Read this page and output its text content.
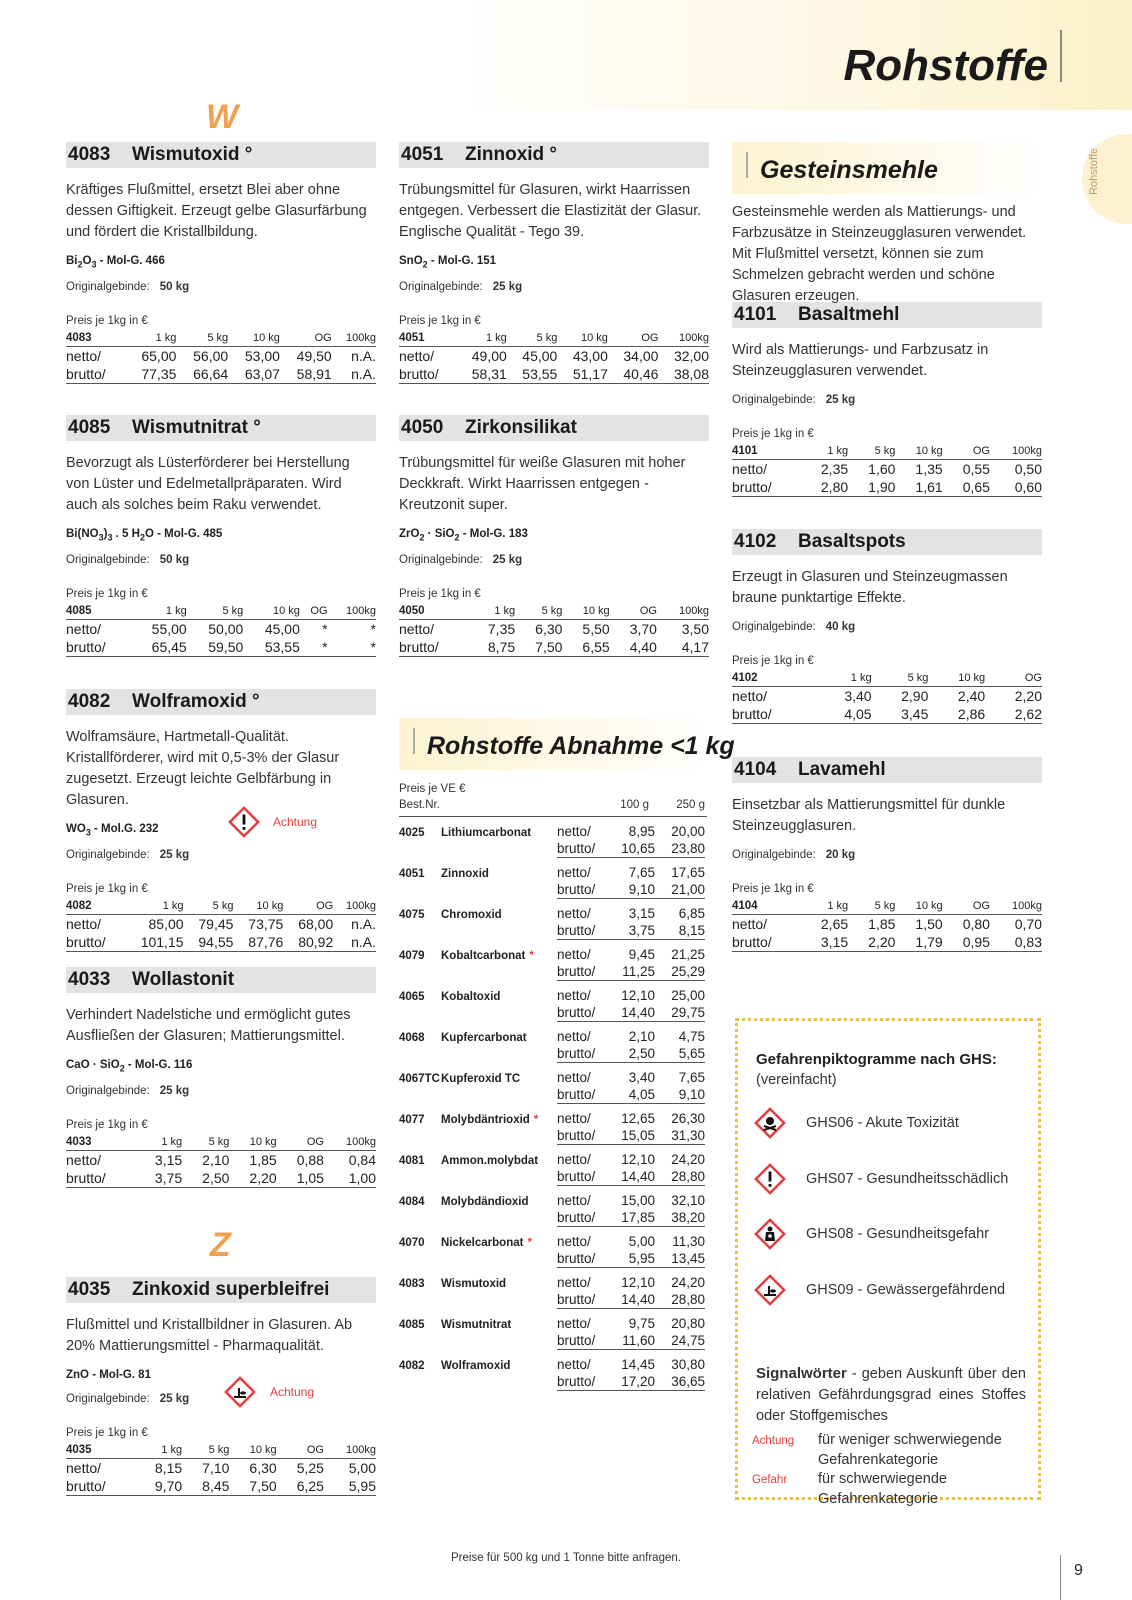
Rohstoffe
Rohstoffe
W
Z
4083 Wismutoxid °
Kräftiges Flußmittel, ersetzt Blei aber ohne dessen Giftigkeit. Erzeugt gelbe Glasurfärbung und fördert die Kristallbildung.
$Bi_2O_3 - Mol-G$. 466
Originalgebinde: 50 kg
Preis je 1kg in €
4083	1 kg	5 kg	10 kg	OG	100kg
netto/	65,00	56,00	53,00	49,50	n.A.
brutto/	77,35	66,64	63,07	58,91	n.A.
4085 Wismutnitrat °
Bevorzugt als Lüsterförderer bei Herstellung von Lüster und Edelmetallpräparaten. Wird auch als solches beim Raku verwendet.
$Bi(NO_3)_3$ . 5 $H_2O - Mol-G$. 485
Originalgebinde: 50 kg
Preis je 1kg in €
4085	1 kg	5 kg	10 kg	OG	100kg
netto/	55,00	50,00	45,00	*	*
brutto/	65,45	59,50	53,55	*	*
4082 Wolframoxid °
Wolframsäure, Hartmetall-Qualität. Kristallförderer, wird mit 0,5-3% der Glasur zugesetzt. Erzeugt leichte Gelbfärbung in Glasuren.
$WO_3 - Mol.G$. 232
Originalgebinde: 25 kg
Preis je 1kg in €
4082	1 kg	5 kg	10 kg	OG	100kg
netto/	85,00	79,45	73,75	68,00	n.A.
brutto/	101,15	94,55	87,76	80,92	n.A.
4033 Wollastonit
Verhindert Nadelstiche und ermöglicht gutes Ausfließen der Glasuren; Mattierungsmittel.
CaO · SiO$_2$ - Mol-G. 116
Originalgebinde: 25 kg
Preis je 1kg in €
4033	1 kg	5 kg	10 kg	OG	100kg
netto/	3,15	2,10	1,85	0,88	0,84
brutto/	3,75	2,50	2,20	1,05	1,00
4035 Zinkoxid superbleifrei
Flußmittel und Kristallbildner in Glasuren. Ab 20% Mattierungsmittel - Pharmaqualität.
ZnO - Mol-G. 81
Originalgebinde: 25 kg
Preis je 1kg in €
4035	1 kg	5 kg	10 kg	OG	100kg
netto/	8,15	7,10	6,30	5,25	5,00
brutto/	9,70	8,45	7,50	6,25	5,95
4051 Zinnoxid °
Trübungsmittel für Glasuren, wirkt Haarrissen entgegen. Verbessert die Elastizität der Glasur. Englische Qualität - Tego 39.
SnO$_2$ - Mol-G. 151
Originalgebinde: 25 kg
Preis je 1kg in €
4051	1 kg	5 kg	10 kg	OG	100kg
netto/	49,00	45,00	43,00	34,00	32,00
brutto/	58,31	53,55	51,17	40,46	38,08
4050 Zirkonsilikat
Trübungsmittel für weiße Glasuren mit hoher Deckkraft. Wirkt Haarrissen entgegen - Kreutzonit super.
ZrO$_2$ · SiO$_2$ - Mol-G. 183
Originalgebinde: 25 kg
Preis je 1kg in €
4050	1 kg	5 kg	10 kg	OG	100kg
netto/	7,35	6,30	5,50	3,70	3,50
brutto/	8,75	7,50	6,55	4,40	4,17
4101 Basaltmehl
Wird als Mattierungs- und Farbzusatz in Steinzeugglasuren verwendet.
Originalgebinde: 25 kg
Preis je 1kg in €
4101	1 kg	5 kg	10 kg	OG	100kg
netto/	2,35	1,60	1,35	0,55	0,50
brutto/	2,80	1,90	1,61	0,65	0,60
4102 Basaltspots
Erzeugt in Glasuren und Steinzeugmassen braune punktartige Effekte.
Originalgebinde: 40 kg
Preis je 1kg in €
4102	1 kg	5 kg	10 kg	OG
netto/	3,40	2,90	2,40	2,20
brutto/	4,05	3,45	2,86	2,62
4104 Lavamehl
Einsetzbar als Mattierungsmittel für dunkle Steinzeugglasuren.
Originalgebinde: 20 kg
Preis je 1kg in €
4104	1 kg	5 kg	10 kg	OG	100kg
netto/	2,65	1,85	1,50	0,80	0,70
brutto/	3,15	2,20	1,79	0,95	0,83
Achtung
Achtung
Rohstoffe Abnahme <1 kg
Preis je VE €
Best.Nr.	100 g 250 g
4025	Lithiumcarbonat	netto/	8,95	20,00
		brutto/	10,65	23,80
4051	Zinnoxid	netto/	7,65	17,65
		brutto/	9,10	21,00
4075	Chromoxid	netto/	3,15	6,85
		brutto/	3,75	8,15
4079	Kobaltcarbonat *	netto/	9,45	21,25
		brutto/	11,25	25,29
4065	Kobaltoxid	netto/	12,10	25,00
		brutto/	14,40	29,75
4068	Kupfercarbonat	netto/	2,10	4,75
		brutto/	2,50	5,65
4067TC	Kupferoxid TC	netto/	3,40	7,65
		brutto/	4,05	9,10
4077	Molybdäntrioxid *	netto/	12,65	26,30
		brutto/	15,05	31,30
4081	Ammon.molybdat	netto/	12,10	24,20
		brutto/	14,40	28,80
4084	Molybdändioxid	netto/	15,00	32,10
		brutto/	17,85	38,20
4070	Nickelcarbonat *	netto/	5,00	11,30
		brutto/	5,95	13,45
4083	Wismutoxid	netto/	12,10	24,20
		brutto/	14,40	28,80
4085	Wismutnitrat	netto/	9,75	20,80
		brutto/	11,60	24,75
4082	Wolframoxid	netto/	14,45	30,80
		brutto/	17,20	36,65
Gesteinsmehle
Gesteinsmehle werden als Mattierungs- und Farbzusätze in Steinzeugglasuren verwendet. Mit Flußmittel versetzt, können sie zum Schmelzen gebracht werden und schöne Glasuren erzeugen.
Gefahrenpiktogramme nach GHS:
(vereinfacht)
GHS06 - Akute Toxizität
GHS07 - Gesundheitsschädlich
GHS08 - Gesundheitsgefahr
GHS09 - Gewässergefährdend
Signalwörter - geben Auskunft über den relativen Gefährdungsgrad eines Stoffes oder Stoffgemisches
Achtung für weniger schwerwiegende Gefahrenkategorie
Gefahr für schwerwiegende Gefahrenkategorie
Preise für 500 kg und 1 Tonne bitte anfragen.
9
